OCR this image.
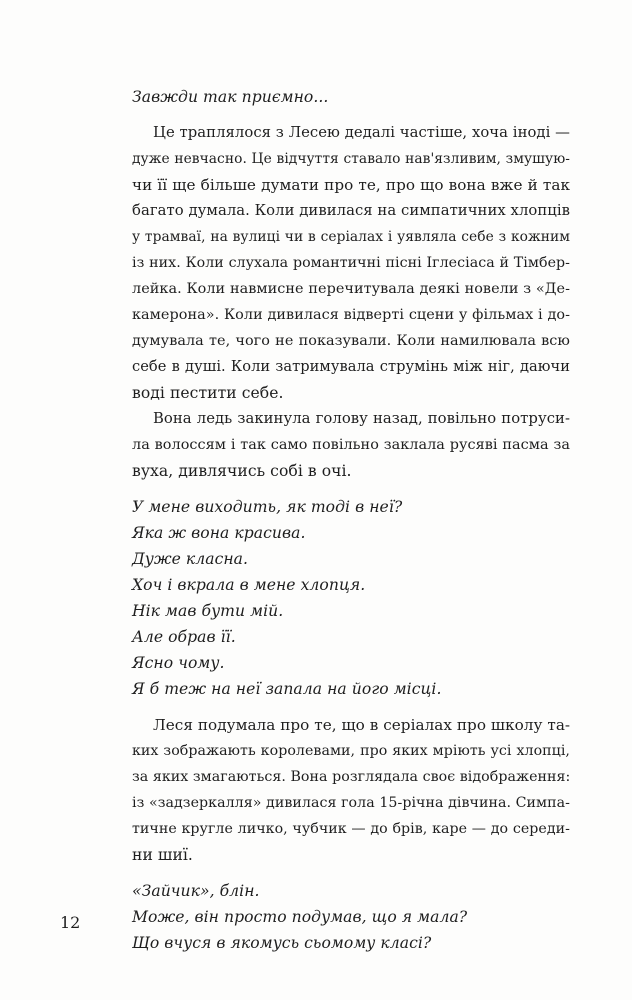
Завжди так приємно...
Це траплялося з Лесею дедалі частіше, хоча іноді —
дуже невчасно. Це відчуття ставало нав'язливим, змушую-
чи її ще більше думати про те, про що вона вже й так
багато думала. Коли дивилася на симпатичних хлопців
у трамваї, на вулиці чи в серіалах і уявляла себе з кожним
із них. Коли слухала романтичні пісні Іглесіаса й Тімбер-
лейка. Коли навмисне перечитувала деякі новели з «Де-
камерона». Коли дивилася відверті сцени у фільмах і до-
думувала те, чого не показували. Коли намилювала всю
себе в душі. Коли затримувала струмінь між ніг, даючи
воді пестити себе.
Вона ледь закинула голову назад, повільно потруси-
ла волоссям і так само повільно заклала русяві пасма за
вуха, дивлячись собі в очі.
У мене виходить, як тоді в неї?
Яка ж вона красива.
Дуже класна.
Хоч і вкрала в мене хлопця.
Нік мав бути мій.
Але обрав її.
Ясно чому.
Я б теж на неї запала на його місці.
Леся подумала про те, що в серіалах про школу та-
ких зображають королевами, про яких мріють усі хлопці,
за яких змагаються. Вона розглядала своє відображення:
із «задзеркалля» дивилася гола 15-річна дівчина. Симпа-
тичне кругле личко, чубчик — до брів, каре — до середи-
ни шиї.
«Зайчик», блін.
Може, він просто подумав, що я мала?
Що вчуся в якомусь сьомому класі?
12
